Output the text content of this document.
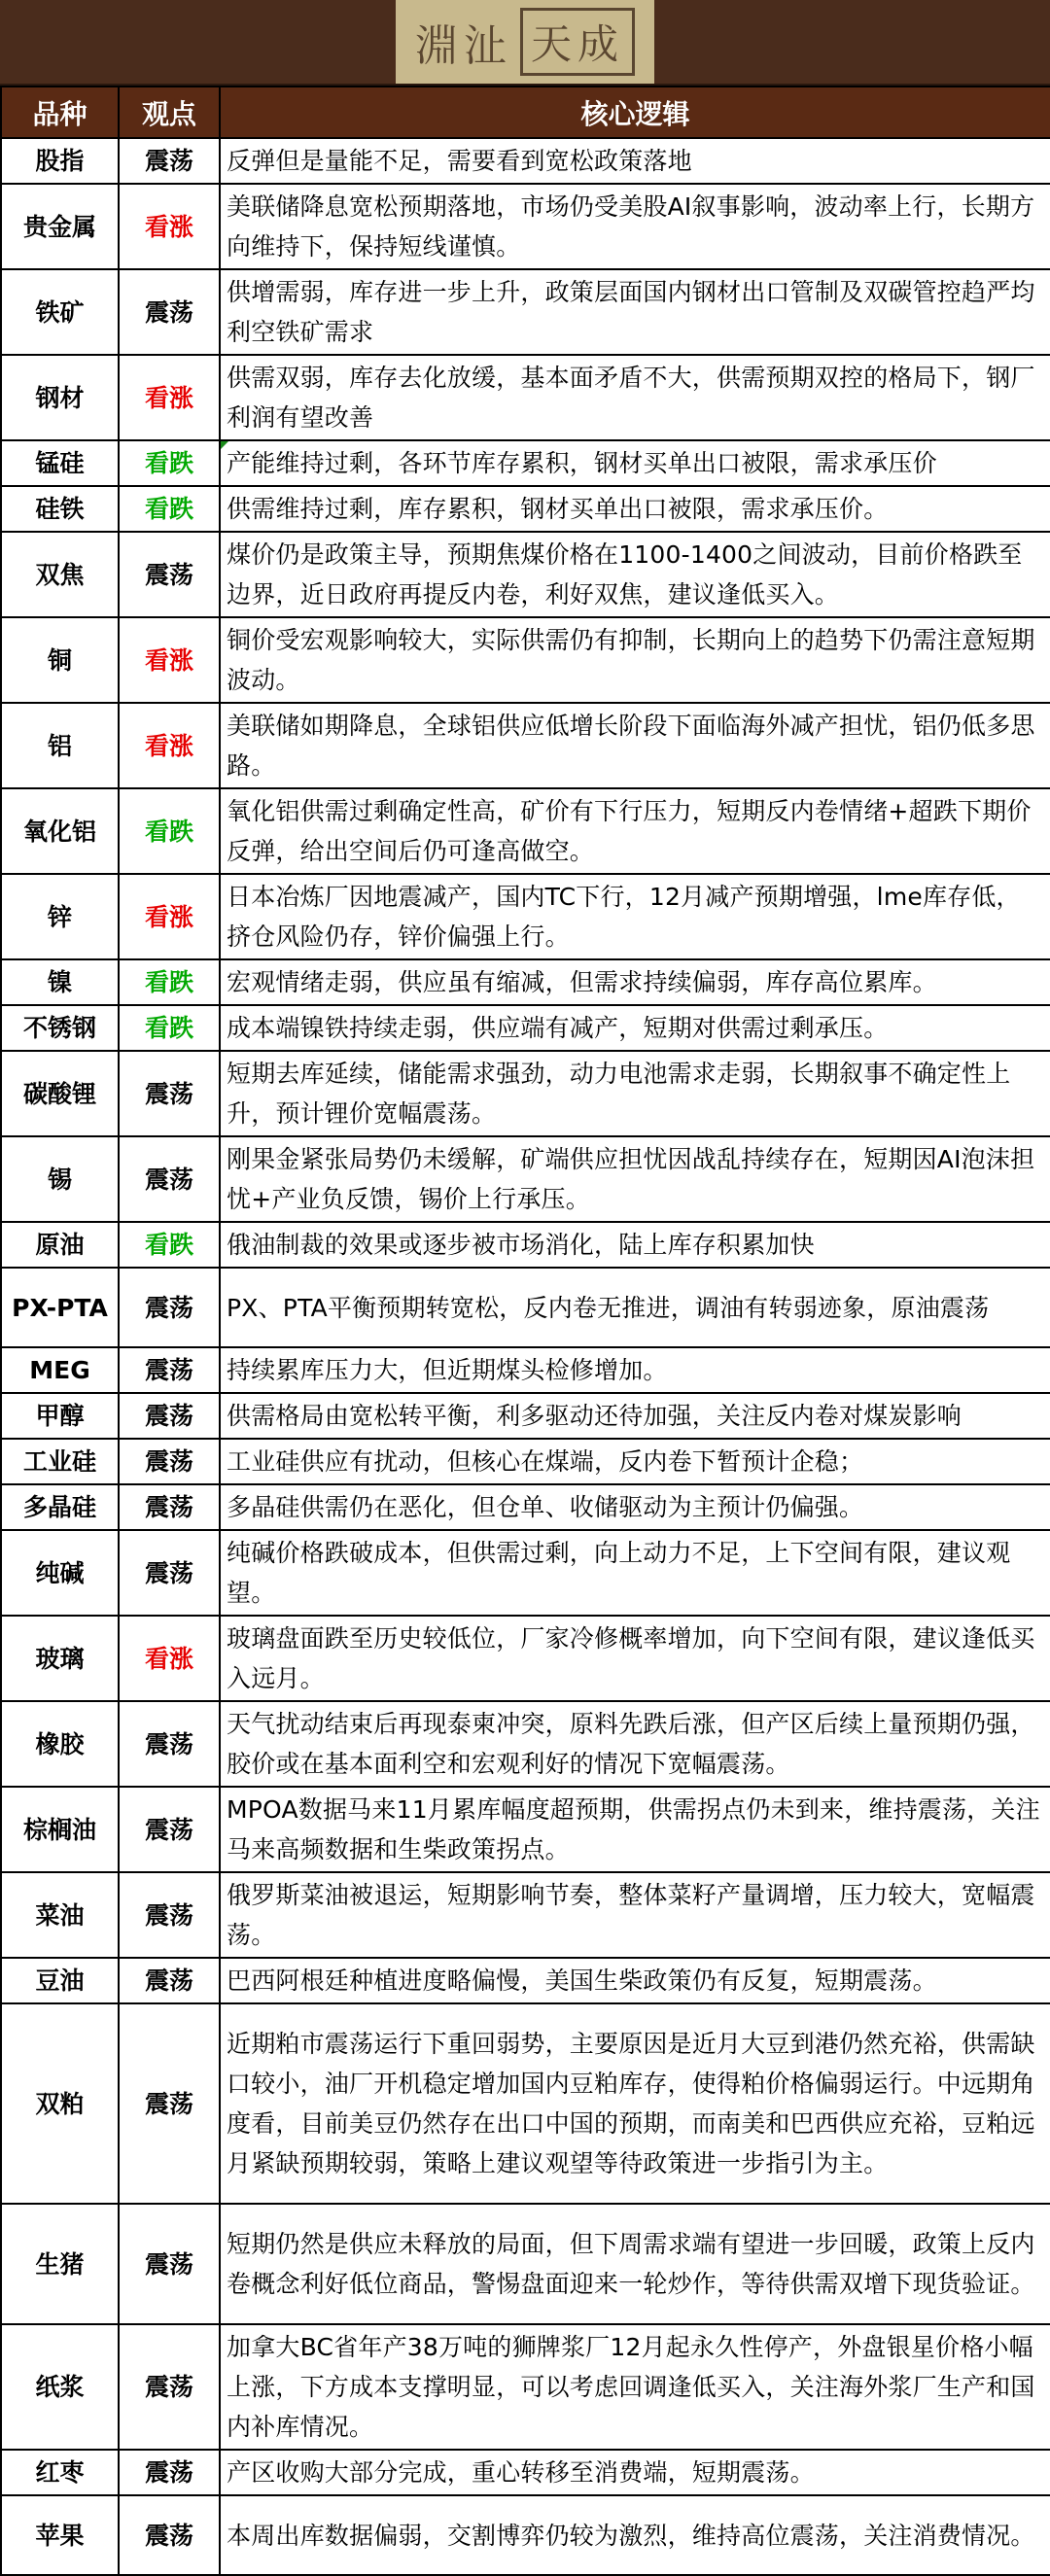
淵沚 天成
品种	观点	核心逻辑
股指	震荡	反弹但是量能不足，需要看到宽松政策落地
贵金属	看涨	美联储降息宽松预期落地，市场仍受美股AI叙事影响，波动率上行，长期方向维持下，保持短线谨慎。
铁矿	震荡	供增需弱，库存进一步上升，政策层面国内钢材出口管制及双碳管控趋严均利空铁矿需求
钢材	看涨	供需双弱，库存去化放缓，基本面矛盾不大，供需预期双控的格局下，钢厂利润有望改善
锰硅	看跌	产能维持过剩，各环节库存累积，钢材买单出口被限，需求承压价
硅铁	看跌	供需维持过剩，库存累积，钢材买单出口被限，需求承压价。
双焦	震荡	煤价仍是政策主导，预期焦煤价格在1100-1400之间波动，目前价格跌至边界，近日政府再提反内卷，利好双焦，建议逢低买入。
铜	看涨	铜价受宏观影响较大，实际供需仍有抑制，长期向上的趋势下仍需注意短期波动。
铝	看涨	美联储如期降息，全球铝供应低增长阶段下面临海外减产担忧，铝仍低多思路。
氧化铝	看跌	氧化铝供需过剩确定性高，矿价有下行压力，短期反内卷情绪+超跌下期价反弹，给出空间后仍可逢高做空。
锌	看涨	日本冶炼厂因地震减产，国内TC下行，12月减产预期增强，lme库存低，挤仓风险仍存，锌价偏强上行。
镍	看跌	宏观情绪走弱，供应虽有缩减，但需求持续偏弱，库存高位累库。
不锈钢	看跌	成本端镍铁持续走弱，供应端有减产，短期对供需过剩承压。
碳酸锂	震荡	短期去库延续，储能需求强劲，动力电池需求走弱，长期叙事不确定性上升，预计锂价宽幅震荡。
锡	震荡	刚果金紧张局势仍未缓解，矿端供应担忧因战乱持续存在，短期因AI泡沫担忧+产业负反馈，锡价上行承压。
原油	看跌	俄油制裁的效果或逐步被市场消化，陆上库存积累加快
PX-PTA	震荡	PX、PTA平衡预期转宽松，反内卷无推进，调油有转弱迹象，原油震荡
MEG	震荡	持续累库压力大，但近期煤头检修增加。
甲醇	震荡	供需格局由宽松转平衡，利多驱动还待加强，关注反内卷对煤炭影响
工业硅	震荡	工业硅供应有扰动，但核心在煤端，反内卷下暂预计企稳；
多晶硅	震荡	多晶硅供需仍在恶化，但仓单、收储驱动为主预计仍偏强。
纯碱	震荡	纯碱价格跌破成本，但供需过剩，向上动力不足，上下空间有限，建议观望。
玻璃	看涨	玻璃盘面跌至历史较低位，厂家冷修概率增加，向下空间有限，建议逢低买入远月。
橡胶	震荡	天气扰动结束后再现泰柬冲突，原料先跌后涨，但产区后续上量预期仍强，胶价或在基本面利空和宏观利好的情况下宽幅震荡。
棕榈油	震荡	MPOA数据马来11月累库幅度超预期，供需拐点仍未到来，维持震荡，关注马来高频数据和生柴政策拐点。
菜油	震荡	俄罗斯菜油被退运，短期影响节奏，整体菜籽产量调增，压力较大，宽幅震荡。
豆油	震荡	巴西阿根廷种植进度略偏慢，美国生柴政策仍有反复，短期震荡。
双粕	震荡	近期粕市震荡运行下重回弱势，主要原因是近月大豆到港仍然充裕，供需缺口较小，油厂开机稳定增加国内豆粕库存，使得粕价格偏弱运行。中远期角度看，目前美豆仍然存在出口中国的预期，而南美和巴西供应充裕，豆粕远月紧缺预期较弱，策略上建议观望等待政策进一步指引为主。
生猪	震荡	短期仍然是供应未释放的局面，但下周需求端有望进一步回暖，政策上反内卷概念利好低位商品，警惕盘面迎来一轮炒作，等待供需双增下现货验证。
纸浆	震荡	加拿大BC省年产38万吨的狮牌浆厂12月起永久性停产，外盘银星价格小幅上涨，下方成本支撑明显，可以考虑回调逢低买入，关注海外浆厂生产和国内补库情况。
红枣	震荡	产区收购大部分完成，重心转移至消费端，短期震荡。
苹果	震荡	本周出库数据偏弱，交割博弈仍较为激烈，维持高位震荡，关注消费情况。
